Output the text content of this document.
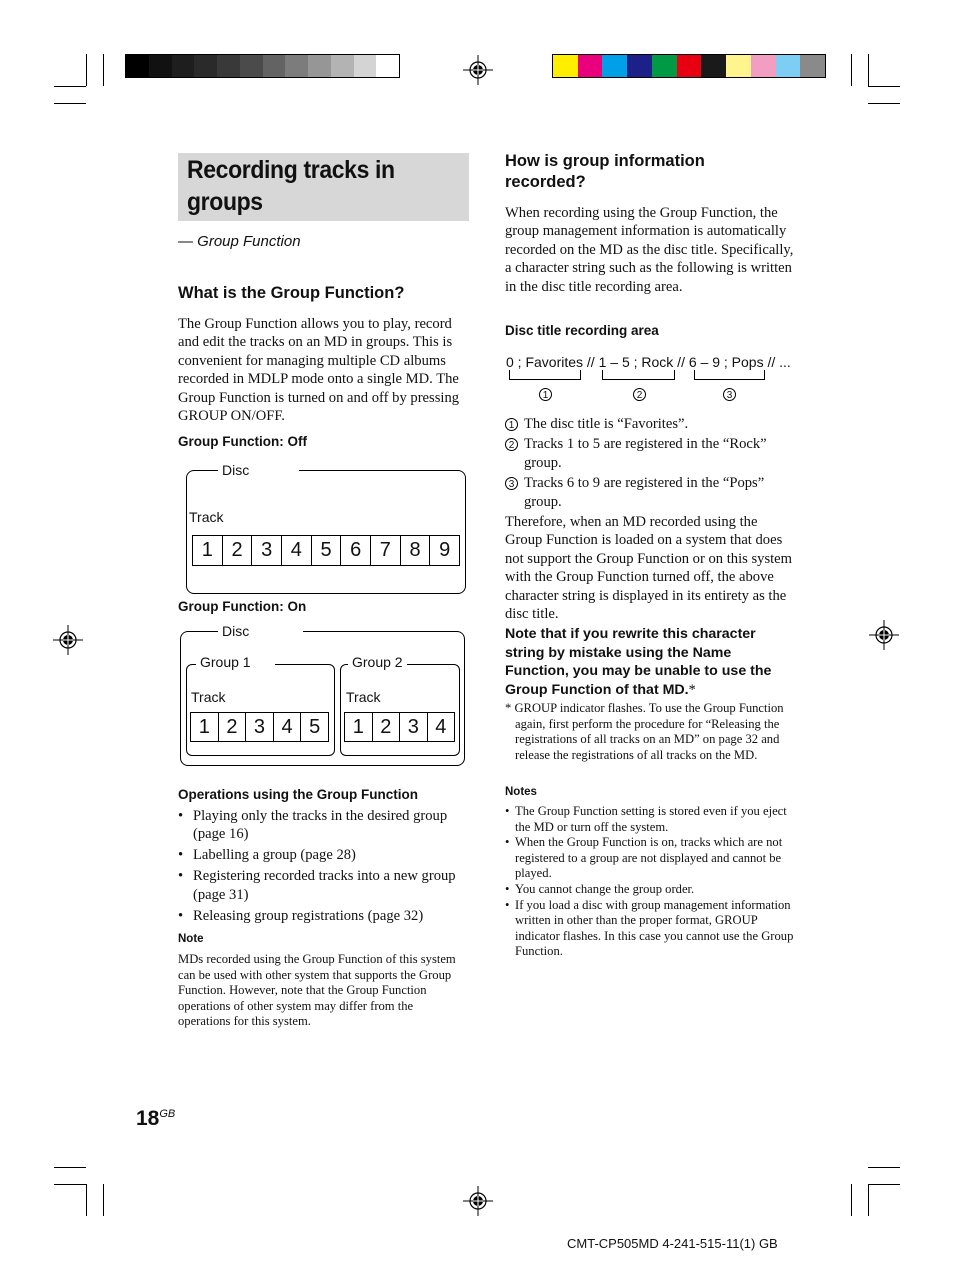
Recording tracks in groups
— Group Function
What is the Group Function?
The Group Function allows you to play, record and edit the tracks on an MD in groups. This is convenient for managing multiple CD albums recorded in MDLP mode onto a single MD. The Group Function is turned on and off by pressing GROUP ON/OFF.
Group Function: Off
Disc
Track
1 2 3 4 5 6 7 8 9
Group Function: On
Disc
Group 1
Track
1 2 3 4 5
Group 2
Track
1 2 3 4
Operations using the Group Function
• Playing only the tracks in the desired group (page 16)
• Labelling a group (page 28)
• Registering recorded tracks into a new group (page 31)
• Releasing group registrations (page 32)
Note
MDs recorded using the Group Function of this system can be used with other system that supports the Group Function. However, note that the Group Function operations of other system may differ from the operations for this system.
$18^{GB}$
How is group information recorded?
When recording using the Group Function, the group management information is automatically recorded on the MD as the disc title. Specifically, a character string such as the following is written in the disc title recording area.
Disc title recording area
0 ; Favorites // 1 – 5 ; Rock // 6 – 9 ; Pops // ...
1	2	3
1 The disc title is “Favorites”.
2 Tracks 1 to 5 are registered in the “Rock” group.
3 Tracks 6 to 9 are registered in the “Pops” group.
Therefore, when an MD recorded using the Group Function is loaded on a system that does not support the Group Function or on this system with the Group Function turned off, the above character string is displayed in its entirety as the disc title.
Note that if you rewrite this character string by mistake using the Name Function, you may be unable to use the Group Function of that MD.*
* GROUP indicator flashes. To use the Group Function again, first perform the procedure for “Releasing the registrations of all tracks on an MD” on page 32 and release the registrations of all tracks on the MD.
Notes
• The Group Function setting is stored even if you eject the MD or turn off the system.
• When the Group Function is on, tracks which are not registered to a group are not displayed and cannot be played.
• You cannot change the group order.
• If you load a disc with group management information written in other than the proper format, GROUP indicator flashes. In this case you cannot use the Group Function.
CMT-CP505MD 4-241-515-11(1) GB
